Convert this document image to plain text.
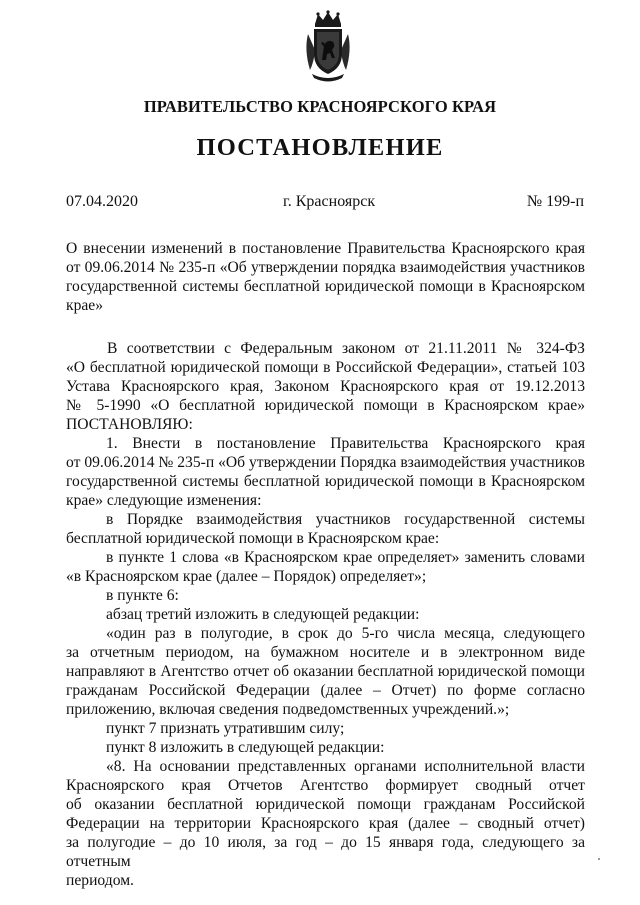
ПРАВИТЕЛЬСТВО КРАСНОЯРСКОГО КРАЯ
ПОСТАНОВЛЕНИЕ
07.04.2020	г. Красноярск	№ 199-п

О внесении изменений в постановление Правительства Красноярского края

от 09.06.2014 № 235-п «Об утверждении порядка взаимодействия участников

государственной системы бесплатной юридической помощи в Красноярском

крае»

В соответствии с Федеральным законом от 21.11.2011 № 324-ФЗ

«О бесплатной юридической помощи в Российской Федерации», статьей 103

Устава Красноярского края, Законом Красноярского края от 19.12.2013

№ 5-1990 «О бесплатной юридической помощи в Красноярском крае»

ПОСТАНОВЛЯЮ:

1. Внести в постановление Правительства Красноярского края

от 09.06.2014 № 235-п «Об утверждении Порядка взаимодействия участников

государственной системы бесплатной юридической помощи в Красноярском

крае» следующие изменения:

в Порядке взаимодействия участников государственной системы

бесплатной юридической помощи в Красноярском крае:

в пункте 1 слова «в Красноярском крае определяет» заменить словами

«в Красноярском крае (далее – Порядок) определяет»;

в пункте 6:

абзац третий изложить в следующей редакции:

«один раз в полугодие, в срок до 5-го числа месяца, следующего

за отчетным периодом, на бумажном носителе и в электронном виде

направляют в Агентство отчет об оказании бесплатной юридической помощи

гражданам Российской Федерации (далее – Отчет) по форме согласно

приложению, включая сведения подведомственных учреждений.»;

пункт 7 признать утратившим силу;

пункт 8 изложить в следующей редакции:

«8. На основании представленных органами исполнительной власти

Красноярского края Отчетов Агентство формирует сводный отчет

об оказании бесплатной юридической помощи гражданам Российской

Федерации на территории Красноярского края (далее – сводный отчет)

за полугодие – до 10 июля, за год – до 15 января года, следующего за отчетным

периодом.
